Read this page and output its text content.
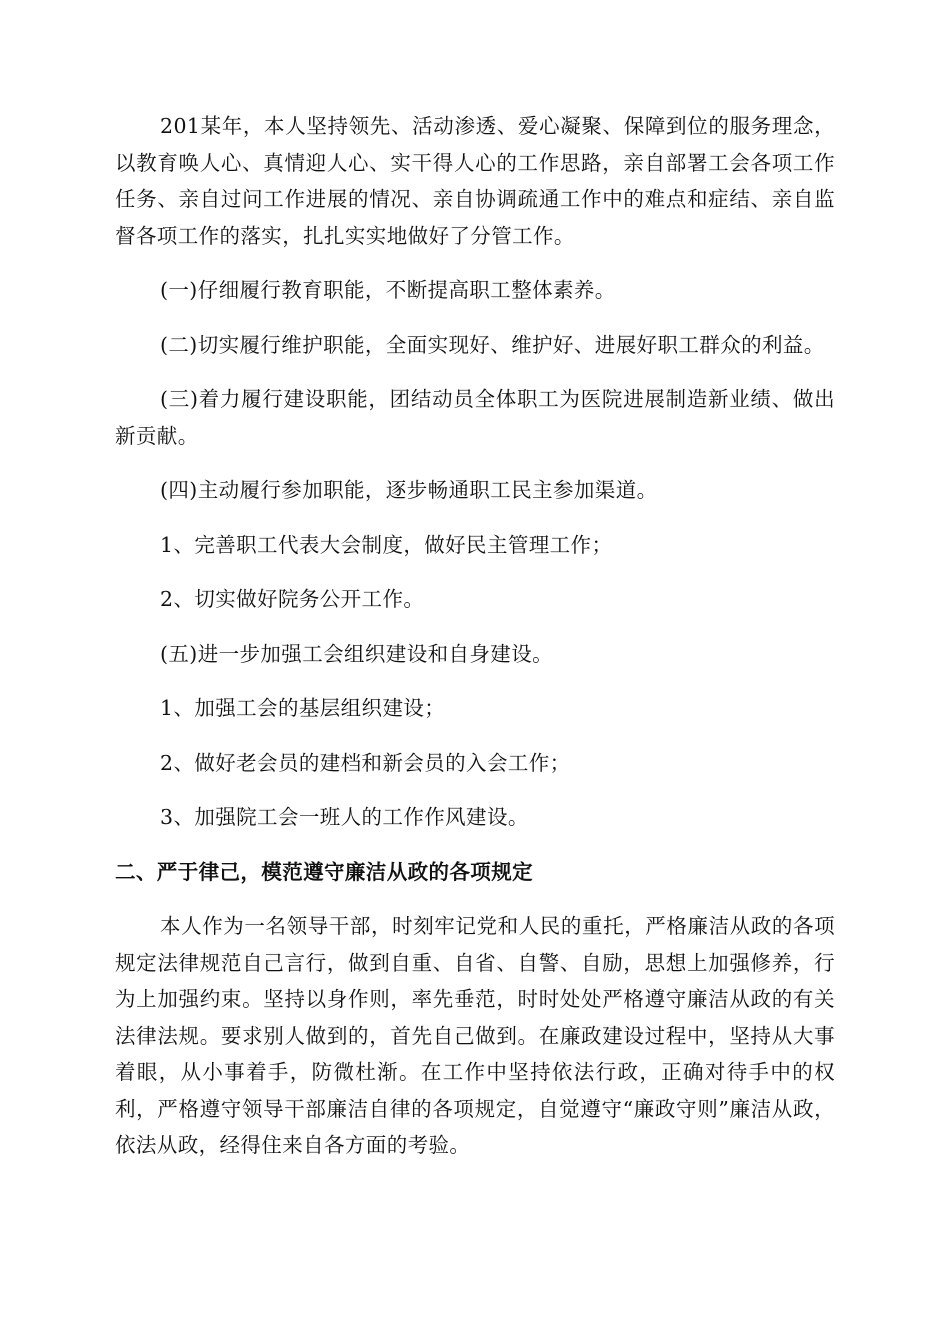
201某年，本人坚持领先、活动渗透、爱心凝聚、保障到位的服务理念，以教育唤人心、真情迎人心、实干得人心的工作思路，亲自部署工会各项工作任务、亲自过问工作进展的情况、亲自协调疏通工作中的难点和症结、亲自监督各项工作的落实，扎扎实实地做好了分管工作。

(一)仔细履行教育职能，不断提高职工整体素养。

(二)切实履行维护职能，全面实现好、维护好、进展好职工群众的利益。

(三)着力履行建设职能，团结动员全体职工为医院进展制造新业绩、做出新贡献。

(四)主动履行参加职能，逐步畅通职工民主参加渠道。

1、完善职工代表大会制度，做好民主管理工作；

2、切实做好院务公开工作。

(五)进一步加强工会组织建设和自身建设。

1、加强工会的基层组织建设；

2、做好老会员的建档和新会员的入会工作；

3、加强院工会一班人的工作作风建设。

二、严于律己，模范遵守廉洁从政的各项规定

本人作为一名领导干部，时刻牢记党和人民的重托，严格廉洁从政的各项规定法律规范自己言行，做到自重、自省、自警、自励，思想上加强修养，行为上加强约束。坚持以身作则，率先垂范，时时处处严格遵守廉洁从政的有关法律法规。要求别人做到的，首先自己做到。在廉政建设过程中，坚持从大事着眼，从小事着手，防微杜渐。在工作中坚持依法行政，正确对待手中的权利，严格遵守领导干部廉洁自律的各项规定，自觉遵守“廉政守则”廉洁从政，依法从政，经得住来自各方面的考验。
